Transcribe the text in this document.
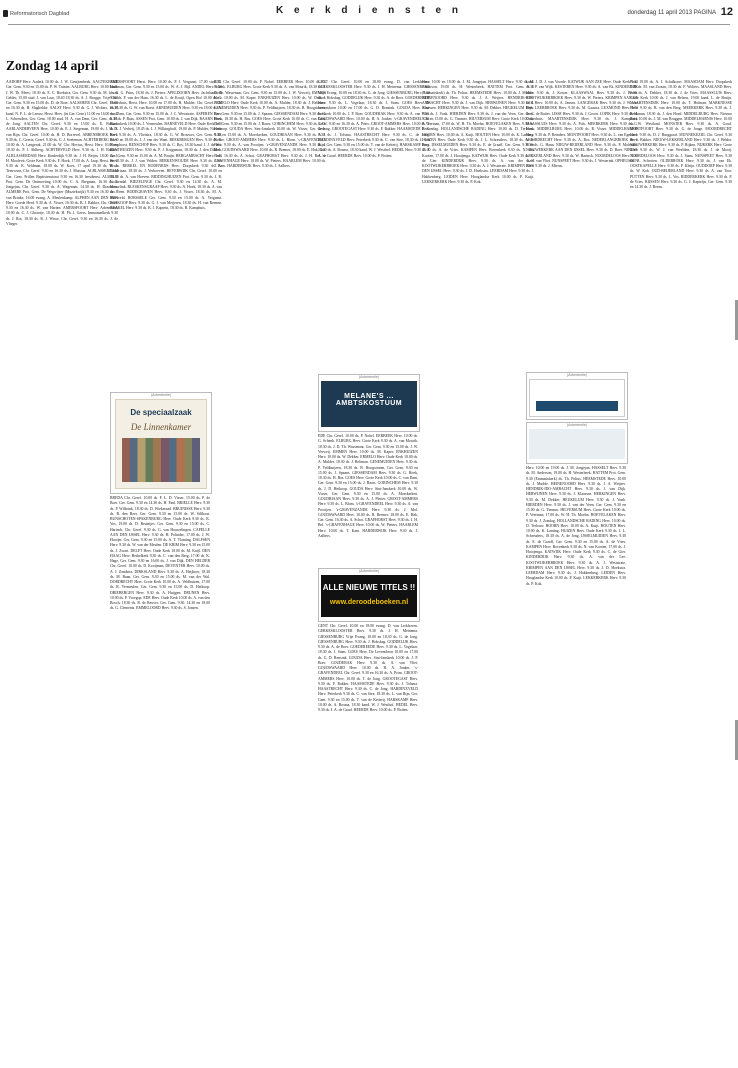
Reformatorisch Dagblad	K e r k d i e n s t e n	donderdag 11 april 2013 PAGINA 12
Zondag 14 april
AADORP Herv. Aaderk 10.00 ds. J. W. Geuijtenbeek. AAGTEKERKE Ger. Gem. 9.30 en 15.00 ds. P. W. Tuinier. AALBURG Herv. 10.00 kand. J. W. Th. Mees; 18.30 ds. E. C. Hoekstra, Ger. Gem. 9.30 ds. M. J. van Gelder, 15.00 stud. J. van Laar, 18.40 18.30 ds. A. J. Brugge, Vrije Oud Ger. Gem. 9.30 en 15.00 ds. D. de Boer. AALSMEER Chr. Geref. 10.00 en 16.30 ds. H. Slaghekke. AALST Herv. 9.30 ds. G. J. Wolters, 18.30 kand. N. F. L. de Leeuw, Herst. Herv. (in Ger. Gem.) 11.00 en 16.00 ds. J. L. Schreuders, Ger. Gem. 18.00 stud. H. A. van Dam, Ger. Gem. ds. H. de Jong. AALTEN Chr. Geref. 9.30 en 15.00 ds. E. Bakker. AARLANDERVEEN Herv. 10.00 ds. E. J. Stegeman, 19.00 ds. J. H. D. van Rijn. Chr. Geref. 10.00 ds. H. D. Borrevel. ABBENBROEK Herv. 9.30 ds. C. Geerts; Geref. 9.30 ds. C. J. Soeteman. ACHTERBERG Herv. 10.00 ds. A. Langerak, 21.00 ds. W. Chr. Hovius, Herst. Herv. 10.00 en 18.30 ds. P. J. Ahlberg. ACHTERVELD Herv. 9.30 ds. J. H. Bakker. ALBLASSERDAM Herv. Kinderdijk 9.30 ds. J. H. Reijm, 18.00 ds. J. H. Moolevit, Grote Kerk 9.30 ds. F. Hoek, 17.00 ds. A. Jaap, Herst. Herv. 9.30 ds. K. Veldman, 18.00 ds. W. Koes, 17 april 19.30 ds. W. J. Teeuwsen, Chr. Geref. 9.30 en 16.30 ds. J. Mutsaar. ALBLASSERDAM Ger. Gem. Prillen Baptistenstraat 9.30 en 16.30 leesdienst. ALMELO Prot. Gem. De Ontmoeting 10.00 ds. C. A. Bregman, 16.30 ds. J. Jongejan, Chr. Geref. 9.30 ds. A. Wagenaar, 14.30 ds. H. Draaisma. ALMERE Prot. Gem. De Wegwijzer (Muziekwijk) 9.30 en 16.30 ds. J. van Brinke, 16.00 evang. A. Meulenkamp. ALPHEN AAN DEN RIJN Herv. Goede Herd. 9.30 ds. A. Visser, 16.30 ds. B. J. Bakker, Chr. Geref. 9.30 en 16.30 ds. W. van Harten. AMERSFOORT Herv. Adventkerk 10.00 ds. C. J. Ghoorije, 18.30 ds. H. Ph. J. Geers, Immanuelkerk 9.30 ds. J. Rot, 18.30 ds. R. J. Wisse, Chr. Geref. 9.30 en 16.30 ds. J. de Vlieger.
AMERSFOORT Herst. Herv. 10.00 ds. P. J. Vergunst, 17.00 stud. G. Hulsman, Ger. Gem. 9.30 en 15.00 ds. W. A. J. Bijl. ANDEL Herv. 9.30 ds. G. G. Prins, 18.30 ds. J. Pieters. APELDOORN Herv. Jachtlaankerk 9.30 ds. P. van der Ham, 16.30 ds. L. de Kruijf, Open Hof 10.00 ds. C. Oosterhuis, Herst. Herv. 10.00 en 17.00 ds. H. Mulder, Chr. Geref. 9.30 en 16.30 ds. G. W. van Roest. ARNEMUIDEN Herv. 9.30 en 18.00 ds. A. van Dam, Ger. Gem. 9.30 en 15.00 ds. J. C. Weststrate. ASPEREN Herv. 9.30 ds. P. Baas. ASSEN Prot. Gem. 10.00 ds. J. van Dijk. BAARN Herv. Pauluskerk 10.00 ds. J. Vermeulen. BARNEVELD Herv. Oude Kerk 9.30 ds. S. J. Verheij, 18.45 ds. I. J. Wilkinghoff, 19.00 ds. P. Mulder, Nieuwe Kerk 9.30 ds. A. Vlietstra, 18.30 ds. G. W. Brouwer, Ger. Gem. 9.30, 14.30 en 18.00 ds. J. J. van der Want. BEEKBERGEN Herv. 9.30 ds. R. Kamphorst. BENSCHOP Herv. 9.30 ds. C. Bos, 18.30 kand. J. J. de Wit. BENTHUIZEN Herv. 9.30 ds. P. J. Krijgsman, 18.30 ds. J. den Dikken, Ger. Gem. 9.30 en 15.00 ds. A. M. Bruijn. BERGAMBACHT Herv. 9.45 en 18.30 ds. J. J. van Velden. BERKENWOUDE Herv. 9.30 ds. J. de Bruin. BERKEL EN RODENRIJS Herv. Dorpskerk 9.30 ds. A. Goudriaan, 18.30 ds. J. Verhoeven. BEVERWIJK Chr. Geref. 10.00 en 16.30 ds. A. van Hoeven. BIDDINGHUIZEN Prot. Gem. 9.30 ds. J. B. Lichtendal. BIEZELINGE Chr. Geref. 9.30 en 14.30 ds. A. M. Messelink. BLESKENSGRAAF Herv. 9.30 ds. A. Hoek, 18.30 ds. A. van der Veen. BODEGRAVEN Herv. 9.30 ds. J. Visser, 18.30 ds. M. A. Meerveld. BORSSELE Ger. Gem. 9.30 en 15.00 ds. A. Vergunst. BOSKOOP Herv. 9.30 ds. G. J. van Meijeren, 18.30 ds. H. van Reenen. BRAKEL Herv. 9.30 ds. K. J. Kaptein, 18.30 ds. B. Kamphuis.
(Advertentie)
De speciaalzaak
De Linnenkamer
BREDA Chr. Geref. 10.00 ds. F. L. D. Visser, 15.00 ds. P. de Boer. Ger. Gem. 9.30 en 14.30 ds. H. Paul. BRIELLE Herv. 9.30 ds. P. Wilbrink, 18.30 ds. D. Wiekeraad. BRUINISSE Herv. 9.30 ds. B. den Boer. Ger. Gem. 9.30 en 15.00 ds. W. Silfhout. BUNSCHOTEN-SPAKENBURG Herv. Oude Kerk 9.30 ds. K. Vos, 19.00 ds. D. Bruintjes, Ger. Gem. 9.30 en 15.00 ds. C. Harinck, Chr. Geref. 9.30 ds. G. van Houwelingen. CAPELLE AAN DEN IJSSEL Herv. 9.30 ds. H. Polinder, 17.00 ds. J. W. Hooijer, Ger. Gem. 9.30 en 15.00 ds. A. T. Vlaming. DALFSEN Herv. 9.30 ds. W. van der Meulen. DE KRIM Herv. 9.30 en 15.00 ds. J. Zwart. DELFT Herv. Oude Kerk 10.00 ds. M. Kuijl. DEN HAAG Herv. Bethelkerk 9.30 ds. C. van den Berg, 17.00 ds. K. Hage. Ger. Gem. 9.30 en 16.00 ds. J. van Dijk. DEN HELDER Chr. Geref. 10.00 ds. D. Kooijman. DEVENTER Herv. 10.00 ds. A. J. Zandstra. DIRKSLAND Herv. 9.30 ds. A. Heijboer, 18.30 ds. M. Baan, Ger. Gem. 9.30 en 15.00 ds. M. van der Wal. DORDRECHT Herv. Grote Kerk 10.00 ds. A. Veldhuizen, 17.00 ds. R. Vermeulen, Ger. Gem. 9.30 en 15.00 ds. D. Heikoop. DRIEBERGEN Herv. 9.30 ds. A. Huijgen. DRUNEN Herv. 10.00 ds. P. Vroegop. EDE Herv. Oude Kerk 10.00 ds. A. van den Bosch, 18.30 ds. R. de Reuver, Ger. Gem. 9.30, 14.30 en 18.00 ds. G. Clements. EMMELOORD Herv. 9.30 ds. S. Jansen.
EDE Chr. Geref. 10.00 ds. P. Nobel. EERBEEK Herv. 10.00 ds. G. Schenk. ELBURG Herv. Grote Kerk 9.30 ds. A. van Mourik, 18.30 ds. J. D. Th. Wassenaar, Ger. Gem. 9.30 en 15.00 ds. J. W. Verweij. EMMEN Herv. 10.00 ds. M. Kaper. ENKHUIZEN Herv. 10.00 ds. W. Dekker. ERMELO Herv. Oude Kerk 10.00 ds. A. Mulder, 18.30 ds. J. Beltman. GENEMUIDEN Herv. 9.30 ds. P. Veldhuijzen, 18.30 ds. B. Hoogstraten, Ger. Gem. 9.30 en 15.00 ds. J. Spaans. GIESSENDAM Herv. 9.30 ds. G. Hoek, 18.30 ds. H. Bas. GOES Herv. Grote Kerk 10.00 ds. C. van Dam, Ger. Gem. 9.30 en 15.00 ds. J. Baars. GORINCHEM Herv. 9.30 ds. J. D. Heikoop. GOUDA Herv. Sint-Janskerk 10.00 ds. W. Visser, Ger. Gem. 9.30 en 15.00 ds. A. Moerkerken. GOUDRIAAN Herv. 9.30 ds. A. J. Pleiter. GROOT-AMMERS Herv. 9.30 ds. L. Blom. 's-GRAVENDEEL Herv. 9.30 ds. A. van Prooijen. 's-GRAVENZANDE Herv. 9.30 ds. J. Mol. GOUDSWAARD Herv. 10.00 ds. R. Bremer, 18.00 ds. E. Hak, Ger. Gem. 16.30 ds. A. Schot. GRAFHORST Herv. 9.30 ds. J. H. Bel. 's-GRAVENHAGE Herv. 10.00 ds. W. Pieters. HAARLEM Herv. 10.00 ds. T. Kam. HARDERWIJK Herv. 9.30 ds. J. Aalbers.
GENT Chr. Geref. 10.00 en 18.00 evang. D. van Lerkhoven. GERKESKLOOSTER Herv. 9.30 ds. J. H. Meinema. GIESSENBURG Vrije Evang. 10.00 en 18.30 ds. G. de Jong. GIESSENBURG Herv. 9.30 ds. J. Hoksbag. GODDELIJK Herv. 9.30 ds. A. de Boer. GOEDEREEDE Herv. 9.30 ds. L. Vogelaar, 18.30 ds. J. Stam. GOES Herv. De Levensbron 10.00 en 17.00 ds. G. D. Rensink. GOUDA Herv. Sint-Janskerk 10.00 ds. J. P. Boer. GOUDERAK Herv. 9.30 ds. A. van Vliet. GOUDSWAARD Herv. 10.00 ds. H. A. Jonker. 's-GRAVENDEEL Chr. Geref. 9.30 en 16.30 ds. A. Prins. GROOT-AMMERS Herv. 10.00 ds. T. de Jong. GROOTEGAST Herv. 9.30 ds. F. Bakker. HAAMSTEDE Herv. 9.30 ds. J. Tolsma. HAASTRECHT Herv. 9.30 ds. C. de Jong. HARDINXVELD Herv. Peterkerk 9.30 ds. C. van Stee, 18.30 ds. L. van Rijn, Ger. Gem. 9.30 en 15.00 ds. T. van de Ketterij. HARSKAMP Herv. 10.00 ds. A. Bosma, 18.30 kand. W. J. Westhof. HEDEL Herv. 9.30 ds. J. A. de Graaf. HEERDE Herv. 10.00 ds. P. Boiten.
(Advertentie)
MELANE'S ... AMBTSKOSTUUM
EDE Chr. Geref. 10.00 ds. P. Nobel. EERBEEK Herv. 10.00 ds. G. Schenk. ELBURG Herv. Grote Kerk 9.30 ds. A. van Mourik, 18.30 ds. J. D. Th. Wassenaar, Ger. Gem. 9.30 en 15.00 ds. J. W. Verweij. EMMEN Herv. 10.00 ds. M. Kaper. ENKHUIZEN Herv. 10.00 ds. W. Dekker. ERMELO Herv. Oude Kerk 10.00 ds. A. Mulder, 18.30 ds. J. Beltman. GENEMUIDEN Herv. 9.30 ds. P. Veldhuijzen, 18.30 ds. B. Hoogstraten, Ger. Gem. 9.30 en 15.00 ds. J. Spaans. GIESSENDAM Herv. 9.30 ds. G. Hoek, 18.30 ds. H. Bas. GOES Herv. Grote Kerk 10.00 ds. C. van Dam, Ger. Gem. 9.30 en 15.00 ds. J. Baars. GORINCHEM Herv. 9.30 ds. J. D. Heikoop. GOUDA Herv. Sint-Janskerk 10.00 ds. W. Visser, Ger. Gem. 9.30 en 15.00 ds. A. Moerkerken. GOUDRIAAN Herv. 9.30 ds. A. J. Pleiter. GROOT-AMMERS Herv. 9.30 ds. L. Blom. 's-GRAVENDEEL Herv. 9.30 ds. A. van Prooijen. 's-GRAVENZANDE Herv. 9.30 ds. J. Mol. GOUDSWAARD Herv. 10.00 ds. R. Bremer, 18.00 ds. E. Hak, Ger. Gem. 16.30 ds. A. Schot. GRAFHORST Herv. 9.30 ds. J. H. Bel. 's-GRAVENHAGE Herv. 10.00 ds. W. Pieters. HAARLEM Herv. 10.00 ds. T. Kam. HARDERWIJK Herv. 9.30 ds. J. Aalbers.
(Advertentie)
ALLE NIEUWE TITELS !!
www.deroodeboeken.nl
GENT Chr. Geref. 10.00 en 18.00 evang. D. van Lerkhoven. GERKESKLOOSTER Herv. 9.30 ds. J. H. Meinema. GIESSENBURG Vrije Evang. 10.00 en 18.30 ds. G. de Jong. GIESSENBURG Herv. 9.30 ds. J. Hoksbag. GODDELIJK Herv. 9.30 ds. A. de Boer. GOEDEREEDE Herv. 9.30 ds. L. Vogelaar, 18.30 ds. J. Stam. GOES Herv. De Levensbron 10.00 en 17.00 ds. G. D. Rensink. GOUDA Herv. Sint-Janskerk 10.00 ds. J. P. Boer. GOUDERAK Herv. 9.30 ds. A. van Vliet. GOUDSWAARD Herv. 10.00 ds. H. A. Jonker. 's-GRAVENDEEL Chr. Geref. 9.30 en 16.30 ds. A. Prins. GROOT-AMMERS Herv. 10.00 ds. T. de Jong. GROOTEGAST Herv. 9.30 ds. F. Bakker. HAAMSTEDE Herv. 9.30 ds. J. Tolsma. HAASTRECHT Herv. 9.30 ds. C. de Jong. HARDINXVELD Herv. Peterkerk 9.30 ds. C. van Stee, 18.30 ds. L. van Rijn, Ger. Gem. 9.30 en 15.00 ds. T. van de Ketterij. HARSKAMP Herv. 10.00 ds. A. Bosma, 18.30 kand. W. J. Westhof. HEDEL Herv. 9.30 ds. J. A. de Graaf. HEERDE Herv. 10.00 ds. P. Boiten.
Herv. 10.00 en 19.00 ds. J. M. Jongejan. HASSELT Herv. 9.30 ds. M. Anderson, 19.00 ds. H. Westerbeek. HATTEM Prot. Gem. 9.30 (Emmaüskerk) ds. Th. Poltus. HEEMSTEDE Herv. 10.00 ds. J. Mudde. HEINENOORD Herv. 9.30 ds. J. A. Weijers. HENDRIK-IDO-AMBACHT Herv. 9.30 ds. J. van Dijk. HERWIJNEN Herv. 9.30 ds. J. Klaassen. HERKINGEN Herv. 9.30 ds. M. Dekker. HEUKELUM Herv. 9.30 ds. J. Vonk. HIERDEN Herv. 9.30 ds. J. van der Veen, Ger. Gem. 9.30 en 15.00 ds. G. Timmer. HILVERSUM Herv. Grote Kerk 10.00 ds. P. Veerman, 17.00 ds. W. H. Th. Moehn. HOEVELAKEN Herv. 9.30 ds. J. Zondag. HOLLANDSCHE RADING Herv. 10.00 ds. D. Terlouw. HOORN Herv. 10.00 ds. A. Kuijt. HOUTEN Herv. 10.00 ds. K. Lanting. HUIZEN Herv. Oude Kerk 9.30 ds. J. L. Schreuders, 18.30 ds. A. de Jong. IJSSELMUIDEN Herv. 9.30 ds. E. de Graaff, Ger. Gem. 9.30 en 15.00 ds. A. de Vries. KAMPEN Herv. Bovenkerk 9.30 ds. N. van Kooten, 17.00 ds. J. Hooijenga. KATWIJK Herv. Oude Kerk 9.30 ds. C. de Gier. KINDERDIJK Herv. 9.30 ds. A. van der Lee. KOOTWIJKERBROEK Herv. 9.30 ds. A. J. Weststrate. KRIMPEN AAN DEN IJSSEL Herv. 9.30 ds. J. D. Hoekstra. LEERDAM Herv. 9.30 ds. J. Hakkenberg. LEIDEN Herv. Hooglandse Kerk 10.00 ds. P. Kuijt. LEKKERKERK Herv. 9.30 ds. P. Kok.
kand. J. D. J. van Voorde. KATWIJK AAN ZEE Herv. Oude Kerk 9.30 ds. J. P. van Wijk. KESTEREN Herv. 9.30 ds. A. van Ek. KINDERDIJK Herv. 9.30 ds. J. Koster. KLAASWAAL Herv. 9.30 ds. J. Breen. KOOTWIJKERBROEK Herv. 9.30 ds. W. Pieters. KRIMPEN AAN DE LEK Herv. 10.00 ds. A. Jansen. LANGERAK Herv. 9.30 ds. J. W. van Dijk. LEERBROEK Herv. 9.30 ds. M. Gaastra. LEXMOND Herv. 9.30 ds. C. de Ruiter. LISSE Herv. 9.30 ds. J. Groen. LOPIK Herv. 9.30 ds. H. Oosterhuis. MAARTENSDIJK Herv. 9.30 ds. J. Kamphuis. MAASSLUIS Herv. 9.30 ds. A. Pols. MEERKERK Herv. 9.30 ds. G. Hoek. MIDDELBURG Herv. 10.00 ds. R. Visser. MIDDELHARNIS Herv. 9.30 ds. P. Reinders. MONTFOORT Herv. 9.30 ds. L. van Egmond. MOORDRECHT Herv. 9.30 ds. A. Bos. NEDERLANGBROEK Herv. 9.30 ds. G. Haan. NIEUW-BEIJERLAND Herv. 9.30 ds. P. Molenaar. NIEUWERKERK AAN DEN IJSSEL Herv. 9.30 ds. D. Boer. NIEUW-LEKKERLAND Herv. 9.30 ds. W. Harinck. NOORDELOOS Herv. 9.30 ds. H. van Vliet. NUNSPEET Herv. 9.30 ds. J. Westerink. OPHEUSDEN Herv. 9.30 ds. J. Mieras.
(Advertentie)
(Advertentie)
Herv. 10.00 en 19.00 ds. J. M. Jongejan. HASSELT Herv. 9.30 ds. M. Anderson, 19.00 ds. H. Westerbeek. HATTEM Prot. Gem. 9.30 (Emmaüskerk) ds. Th. Poltus. HEEMSTEDE Herv. 10.00 ds. J. Mudde. HEINENOORD Herv. 9.30 ds. J. A. Weijers. HENDRIK-IDO-AMBACHT Herv. 9.30 ds. J. van Dijk. HERWIJNEN Herv. 9.30 ds. J. Klaassen. HERKINGEN Herv. 9.30 ds. M. Dekker. HEUKELUM Herv. 9.30 ds. J. Vonk. HIERDEN Herv. 9.30 ds. J. van der Veen, Ger. Gem. 9.30 en 15.00 ds. G. Timmer. HILVERSUM Herv. Grote Kerk 10.00 ds. P. Veerman, 17.00 ds. W. H. Th. Moehn. HOEVELAKEN Herv. 9.30 ds. J. Zondag. HOLLANDSCHE RADING Herv. 10.00 ds. D. Terlouw. HOORN Herv. 10.00 ds. A. Kuijt. HOUTEN Herv. 10.00 ds. K. Lanting. HUIZEN Herv. Oude Kerk 9.30 ds. J. L. Schreuders, 18.30 ds. A. de Jong. IJSSELMUIDEN Herv. 9.30 ds. E. de Graaff, Ger. Gem. 9.30 en 15.00 ds. A. de Vries. KAMPEN Herv. Bovenkerk 9.30 ds. N. van Kooten, 17.00 ds. J. Hooijenga. KATWIJK Herv. Oude Kerk 9.30 ds. C. de Gier. KINDERDIJK Herv. 9.30 ds. A. van der Lee. KOOTWIJKERBROEK Herv. 9.30 ds. A. J. Weststrate. KRIMPEN AAN DEN IJSSEL Herv. 9.30 ds. J. D. Hoekstra. LEERDAM Herv. 9.30 ds. J. Hakkenberg. LEIDEN Herv. Hooglandse Kerk 10.00 ds. P. Kuijt. LEKKERKERK Herv. 9.30 ds. P. Kok.
Post, 19.00 ds. A. J. Schalkoort. MAASDAM Herv. Dorpskerk 9.30 ds. M. van Zwaan, 18.30 ds. F. Wolters. MAASLAND Herv. 9.30 ds. A. Dekker, 18.30 ds. J. de Vries. MAASSLUIS Herv. Grote Kerk 10.00 ds. J. van Belzen, 19.00 kand. L. de Bruijn. MAARTENSDIJK Herv. 10.00 ds. T. Hofman. MARKNESSE Herv. 9.30 ds. R. van den Berg. MEERKERK Herv. 9.30 ds. J. Beukman, 18.30 ds. J. den Hoed. MIDDELBURG Herv. Nieuwe Kerk 10.00 ds. J. M. van Bruggen. MIDDELHARNIS Herv. 10.00 ds. W. Westland. MONSTER Herv. 9.30 ds. A. Goud. MONTFOORT Herv. 9.30 ds. G. de Jonge. MOORDRECHT Herv. 9.30 ds. D. J. Burggraaf. MUNNEKEZIJL Chr. Geref. 9.30 ds. S. Bakker. NIEUW-LEKKERLAND Herv. 9.30 ds. J. Belder. NIEUWERKERK Herv. 9.30 ds. P. Rijken. NIJKERK Herv. Grote Kerk 9.30 ds. W. J. van Weelden, 18.30 ds. J. de Mooij. NOORDELOOS Herv. 9.30 ds. J. Stam. NUNSPEET Herv. 9.30 ds. A. Schroten. OLDEBROEK Herv. 9.30 ds. J. van Ek. OOSTKAPELLE Herv. 9.30 ds. P. Kleijn. OUDDORP Herv. 9.30 ds. W. Kok. OUD-BEIJERLAND Herv. 9.30 ds. A. van Toor. PUTTEN Herv. 9.30 ds. L. Vos. RIDDERKERK Herv. 9.30 ds. P. de Vries. RIJSSEN Herv. 9.30 ds. G. J. Kapteijn, Ger. Gem. 9.30 en 14.30 ds. J. Beens.
